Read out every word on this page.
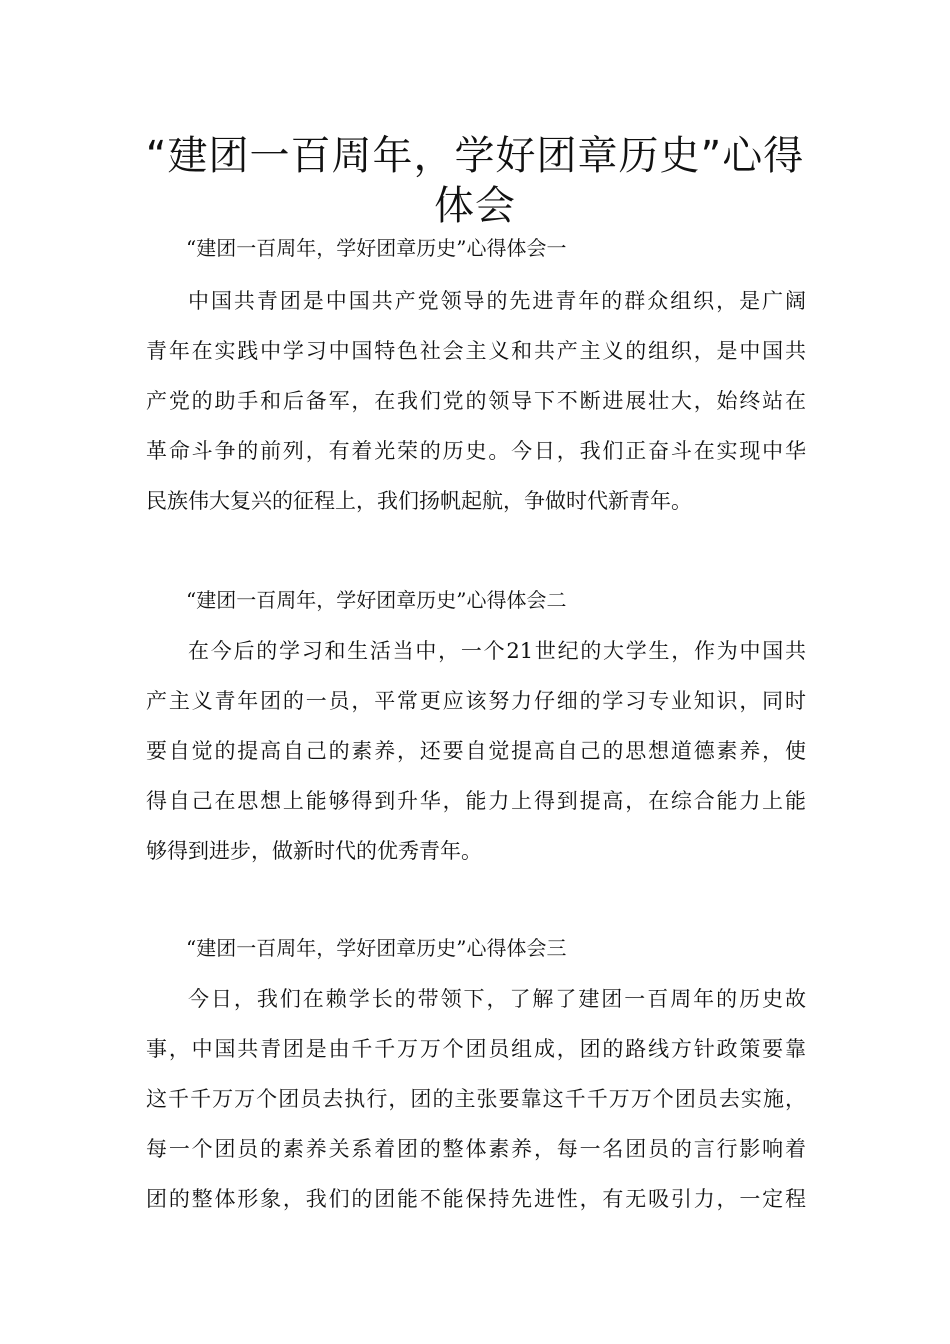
“建团一百周年，学好团章历史”心得
体会
“建团一百周年，学好团章历史”心得体会一
中国共青团是中国共产党领导的先进青年的群众组织，是广阔
青年在实践中学习中国特色社会主义和共产主义的组织，是中国共
产党的助手和后备军，在我们党的领导下不断进展壮大，始终站在
革命斗争的前列，有着光荣的历史。今日，我们正奋斗在实现中华
民族伟大复兴的征程上，我们扬帆起航，争做时代新青年。
“建团一百周年，学好团章历史”心得体会二
在今后的学习和生活当中，一个21世纪的大学生，作为中国共
产主义青年团的一员，平常更应该努力仔细的学习专业知识，同时
要自觉的提高自己的素养，还要自觉提高自己的思想道德素养，使
得自己在思想上能够得到升华，能力上得到提高，在综合能力上能
够得到进步，做新时代的优秀青年。
“建团一百周年，学好团章历史”心得体会三
今日，我们在赖学长的带领下，了解了建团一百周年的历史故
事，中国共青团是由千千万万个团员组成，团的路线方针政策要靠
这千千万万个团员去执行，团的主张要靠这千千万万个团员去实施，
每一个团员的素养关系着团的整体素养，每一名团员的言行影响着
团的整体形象，我们的团能不能保持先进性，有无吸引力，一定程
